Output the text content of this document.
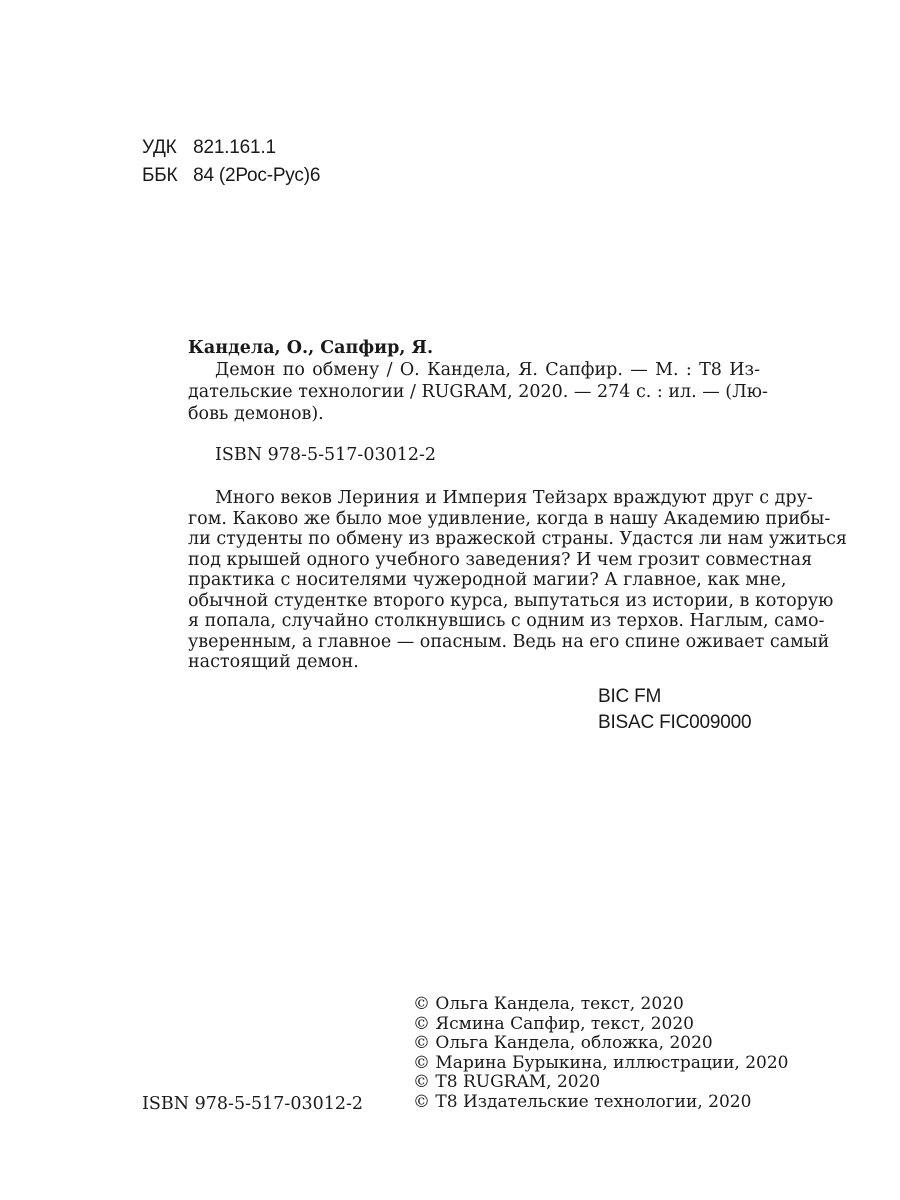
УДК 821.161.1
ББК 84 (2Рос-Рус)6

Кандела, О., Сапфир, Я.

Демон по обмену / О. Кандела, Я. Сапфир. — М. : Т8 Из-
дательские технологии / RUGRAM, 2020. — 274 с. : ил. — (Лю-
бовь демонов).
ISBN 978-5-517-03012-2
Много веков Лериния и Империя Тейзарх враждуют друг с дру-
гом. Каково же было мое удивление, когда в нашу Академию прибы-
ли студенты по обмену из вражеской страны. Удастся ли нам ужиться
под крышей одного учебного заведения? И чем грозит совместная
практика с носителями чужеродной магии? А главное, как мне,
обычной студентке второго курса, выпутаться из истории, в которую
я попала, случайно столкнувшись с одним из терхов. Наглым, само-
уверенным, а главное — опасным. Ведь на его спине оживает самый
настоящий демон.
BIC FM
BISAC FIC009000
© Ольга Кандела, текст, 2020
© Ясмина Сапфир, текст, 2020
© Ольга Кандела, обложка, 2020
© Марина Бурыкина, иллюстрации, 2020
© Т8 RUGRAM, 2020
© Т8 Издательские технологии, 2020
ISBN 978-5-517-03012-2
